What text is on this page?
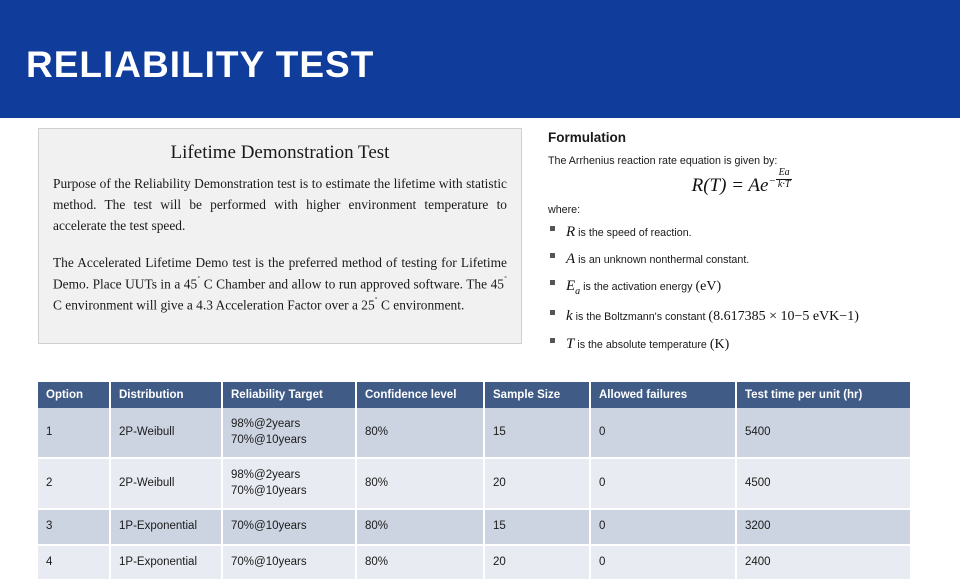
RELIABILITY TEST
Lifetime Demonstration Test
Purpose of the Reliability Demonstration test is to estimate the lifetime with statistic method. The test will be performed with higher environment temperature to accelerate the test speed.
The Accelerated Lifetime Demo test is the preferred method of testing for Lifetime Demo. Place UUTs in a 45˚ C Chamber and allow to run approved software. The 45˚ C environment will give a 4.3 Acceleration Factor over a 25˚ C environment.
Formulation
The Arrhenius reaction rate equation is given by:
$R(T) = Ae^- \frac{Ea}{k\cdot T}$
where:
R is the speed of reaction.
A is an unknown nonthermal constant.
$E_a$ is the activation energy (eV)
k is the Boltzmann's constant (8.617385 × 10−5 eVK−1)
T is the absolute temperature (K)
Option	Distribution	Reliability Target	Confidence level	Sample Size	Allowed failures	Test time per unit (hr)
1	2P-Weibull	98%@2years
70%@10years	80%	15	0	5400
2	2P-Weibull	98%@2years
70%@10years	80%	20	0	4500
3	1P-Exponential	70%@10years	80%	15	0	3200
4	1P-Exponential	70%@10years	80%	20	0	2400
